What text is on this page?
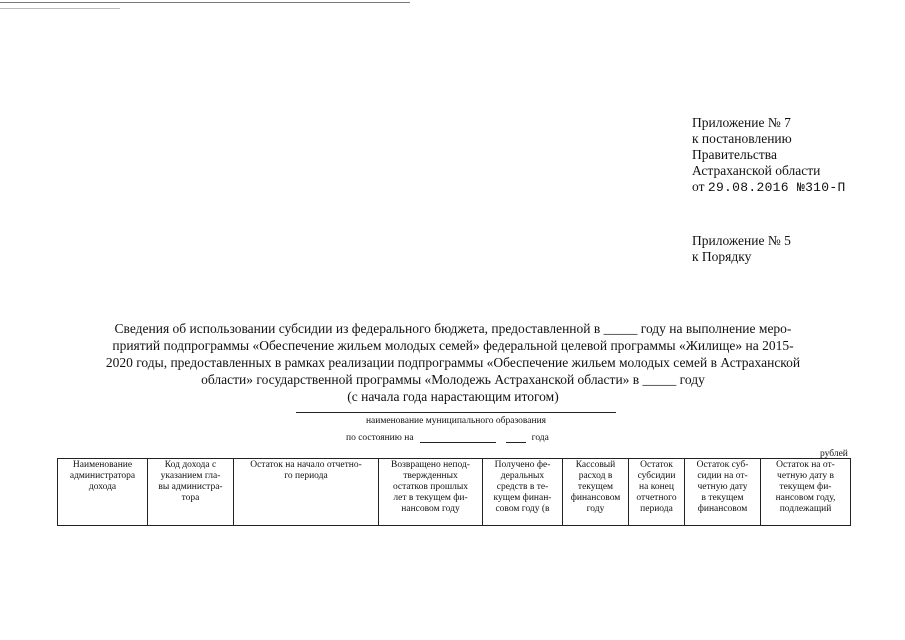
Приложение № 7
к постановлению
Правительства
Астраханской области
от 29.08.2016 №310-П
Приложение № 5
к Порядку
Сведения об использовании субсидии из федерального бюджета, предоставленной в _____ году на выполнение меро-
приятий подпрограммы «Обеспечение жильем молодых семей» федеральной целевой программы «Жилище» на 2015-
2020 годы, предоставленных в рамках реализации подпрограммы «Обеспечение жильем молодых семей в Астраханской
области» государственной программы «Молодежь Астраханской области» в _____ году
(с начала года нарастающим итогом)
наименование муниципального образования
по состоянию на	года
рублей
Наименование
администратора
дохода	Код дохода с
указанием гла-
вы администра-
тора	Остаток на начало отчетно-
го периода	Возвращено непод-
твержденных
остатков прошлых
лет в текущем фи-
нансовом году	Получено фе-
деральных
средств в те-
кущем финан-
совом году (в	Кассовый
расход в
текущем
финансовом
году	Остаток
субсидии
на конец
отчетного
периода	Остаток суб-
сидии на от-
четную дату
в текущем
финансовом	Остаток на от-
четную дату в
текущем фи-
нансовом году,
подлежащий
